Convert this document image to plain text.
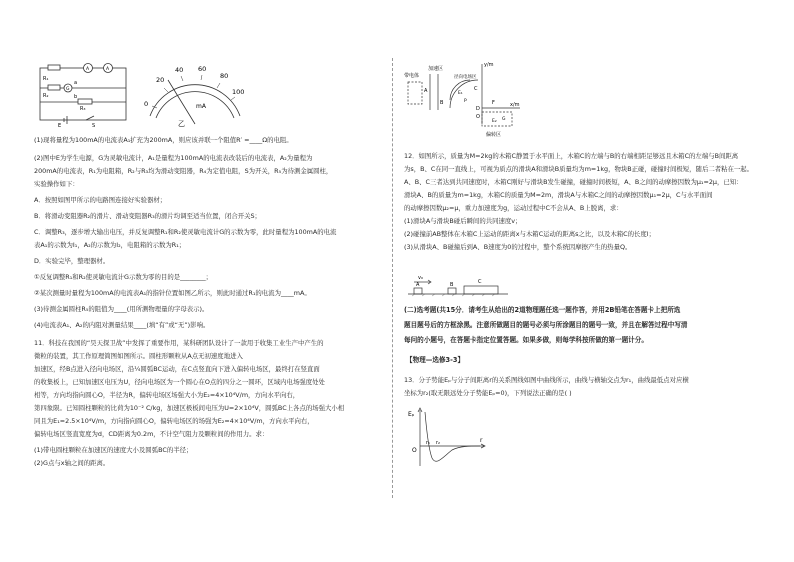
R₁
R₂
R₃
a
b
G
A	A
E	S
0
20
40 60
80
100
mA
乙
(1)现将量程为100mA的电流表A₁扩充为200mA，则应该并联一个阻值R′ =____Ω的电阻。
(2)图中E为学生电源，G为灵敏电流计，A₁是量程为100mA的电流表改装后的电流表，A₂为量程为
200mA的电流表，R₁为电阻箱，R₂与R₃均为滑动变阻器，R₄为定值电阻，S为开关，R₅为待测金属圆柱，
实验操作如下：
A．按照如图甲所示的电路图连接好实验器材；
B．将滑动变阻器R₂的滑片、滑动变阻器R₃的滑片均调至适当位置，闭合开关S；
C．调整R₃，逐步增大输出电压，并反复调整R₁和R₂使灵敏电流计G的示数为零，此时量程为100mA的电流
表A₁的示数为I₁，A₂的示数为I₂，电阻箱的示数为R₁；
D．实验完毕，整理器材。
①反复调整R₁和R₂使灵敏电流计G示数为零的目的是________；
②某次测量时量程为100mA的电流表A₁的指针位置如图乙所示，则此时通过R₁的电流为____mA。
(3)待测金属圆柱R₅的阻值为____(用所测物理量的字母表示)。
(4)电流表A₁、A₂的内阻对测量结果____(填“有”或“无”)影响。
11．科技在我国的“昊天探卫战”中发挥了重要作用，某科研团队设计了一款用于收集工业生产中产生的
微粒的装置，其工作原理简图如图所示。圆柱形颗粒从A点无初速度地进入
加速区，经B点进入径向电场区，沿¼圆弧BC运动，在C点竖直向下进入偏转电场区，最终打在竖直面
的收集板上，已知加速区电压为U，径向电场区为一个圆心在O点的四分之一圆环，区域内电场强度处处
相等，方向均指向圆心O，半径为R，偏转电场区场强大小为E₂=4×10⁴V/m，方向水平向右，
第四象限。已知圆柱颗粒的比荷为10⁻² C/kg，加速区极板间电压为U=2×10⁴V，圆弧BC上各点的场强大小相
同且为E₁=2.5×10⁴V/m，方向指向圆心O，偏转电场区的场强为E₂=4×10⁴V/m，方向水平向右，
偏转电场区竖直宽度为d，CD距离为0.2m，不计空气阻力及颗粒间的作用力。求：
(1)带电圆柱颗粒在加速区的速度大小及圆弧BC的半径；
(2)G点与x轴之间的距离。
带电体
加速区
径向电场区
偏转区
y/m
x/m
A
B
C
D
F
O
E₁
E₂
P
G
12．如图所示，质量为M=2kg的木箱C静置于水平面上，木箱C的左端与B的右端相距足够远且木箱C的左端与B间距离
为s，B、C在同一直线上，可视为质点的滑块A和滑块B质量均为m=1kg，物块B正碰，碰撞时间极短，随后二者粘在一起。
A、B、C三者达到共同速度时，木箱C刚好与滑块B发生碰撞，碰撞时间极短，A、B之间的动摩擦因数为μ₁=2μ，已知：
滑块A、B的质量为m=1kg，木箱C的质量为M=2m，滑块A与木箱C之间的动摩擦因数μ₁=2μ，C与水平面间
的动摩擦因数μ₂=μ，重力加速度为g，运动过程中C不会从A、B上脱离，求：
(1)滑块A与滑块B碰后瞬间的共同速度v；
(2)碰撞前AB整体在木箱C上运动的距离x与木箱C运动的距离s之比，以及木箱C的长度l；
(3)从滑块A、B碰撞后到A、B速度为0的过程中，整个系统因摩擦产生的热量Q。
v₀
A	B	C
(二)选考题(共15分．请考生从给出的2道物理题任选一题作答，并用2B铅笔在答题卡上把所选
题目题号后的方框涂黑。注意所做题目的题号必须与所涂题目的题号一致，并且在解答过程中写清
每问的小题号，在答题卡指定位置答题。如果多做，则每学科按所做的第一题计分。
【物理—选修3-3】
13．分子势能Eₚ与分子间距离r的关系图线如图中曲线所示，曲线与横轴交点为r₁，曲线最低点对应横
坐标为r₂(取无限远处分子势能Eₚ=0)，下列说法正确的是( )
Eₚ
O
r₁ r₂	r
